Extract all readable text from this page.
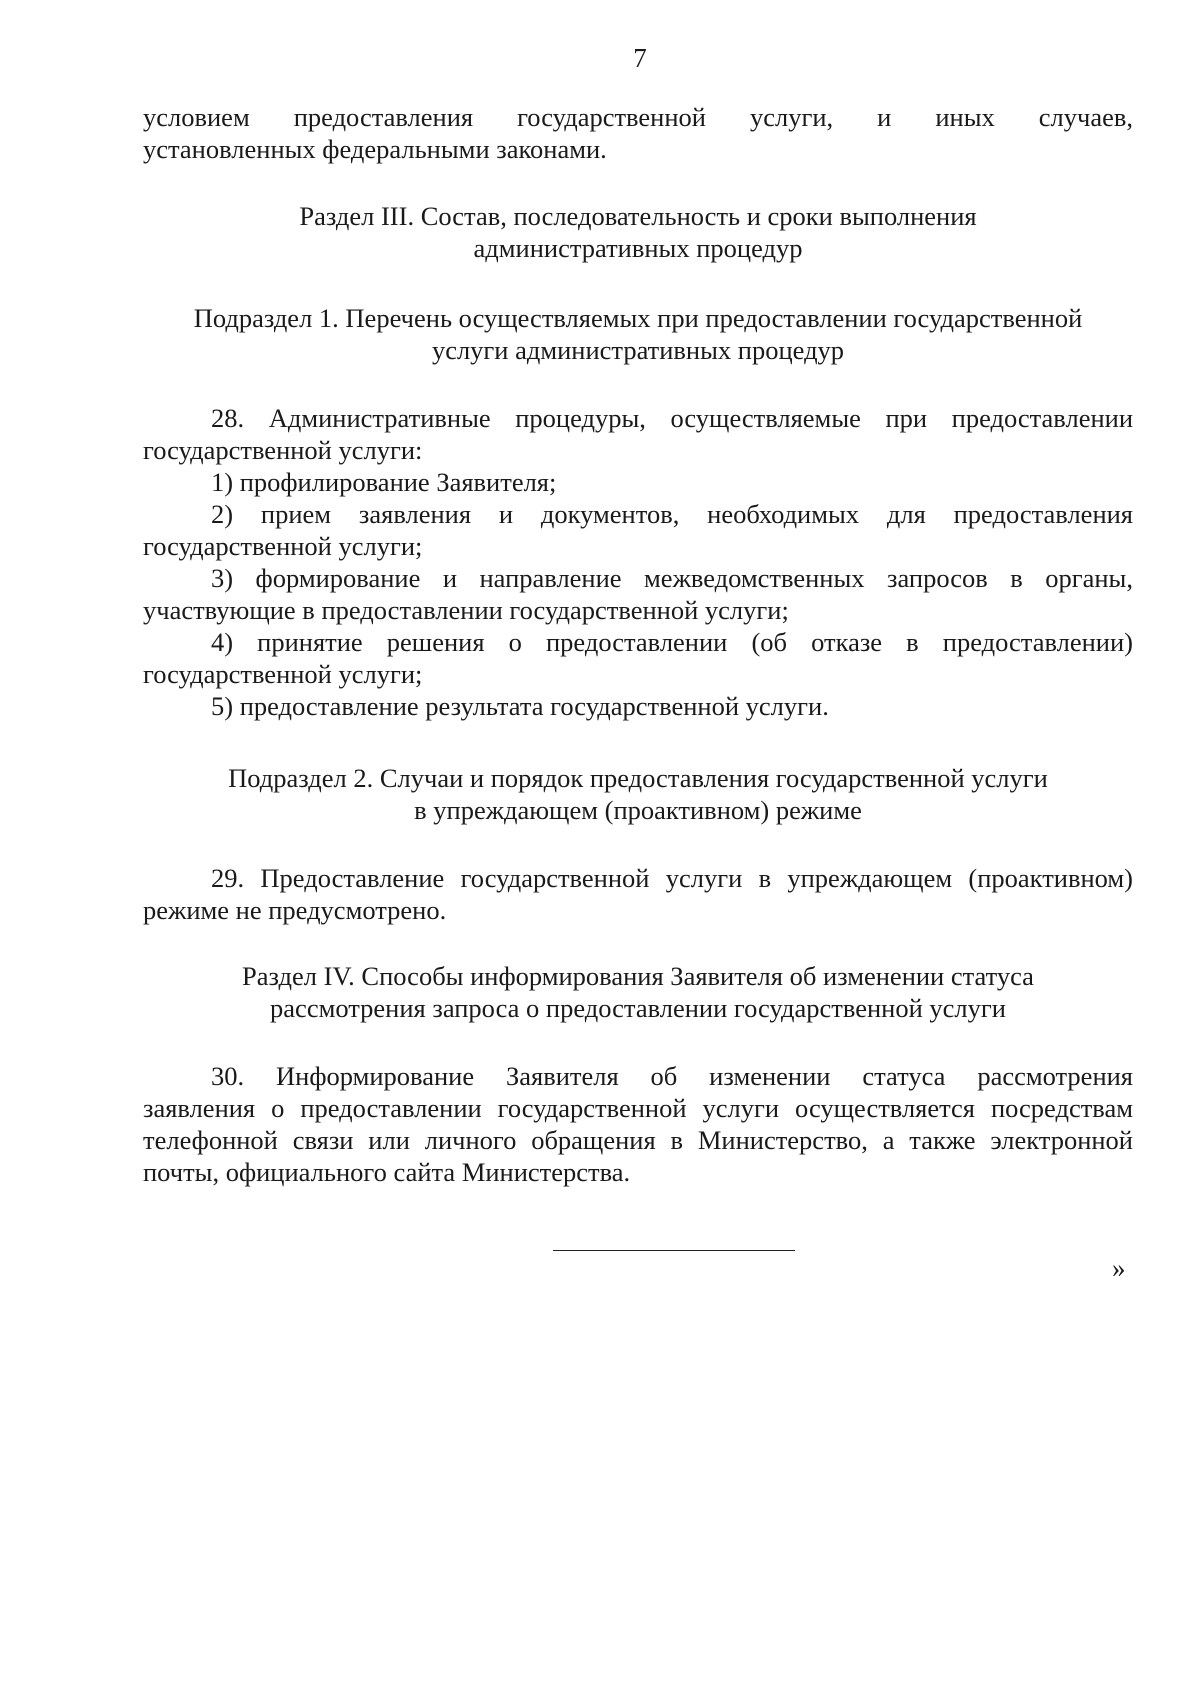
7
условием предоставления государственной услуги, и иных случаев,
установленных федеральными законами.
Раздел III. Состав, последовательность и сроки выполнения
административных процедур
Подраздел 1. Перечень осуществляемых при предоставлении государственной
услуги административных процедур
28. Административные процедуры, осуществляемые при предоставлении
государственной услуги:
1) профилирование Заявителя;
2) прием заявления и документов, необходимых для предоставления
государственной услуги;
3) формирование и направление межведомственных запросов в органы,
участвующие в предоставлении государственной услуги;
4) принятие решения о предоставлении (об отказе в предоставлении)
государственной услуги;
5) предоставление результата государственной услуги.
Подраздел 2. Случаи и порядок предоставления государственной услуги
в упреждающем (проактивном) режиме
29. Предоставление государственной услуги в упреждающем (проактивном)
режиме не предусмотрено.
Раздел IV. Способы информирования Заявителя об изменении статуса
рассмотрения запроса о предоставлении государственной услуги
30. Информирование Заявителя об изменении статуса рассмотрения
заявления о предоставлении государственной услуги осуществляется посредствам
телефонной связи или личного обращения в Министерство, а также электронной
почты, официального сайта Министерства.
»
